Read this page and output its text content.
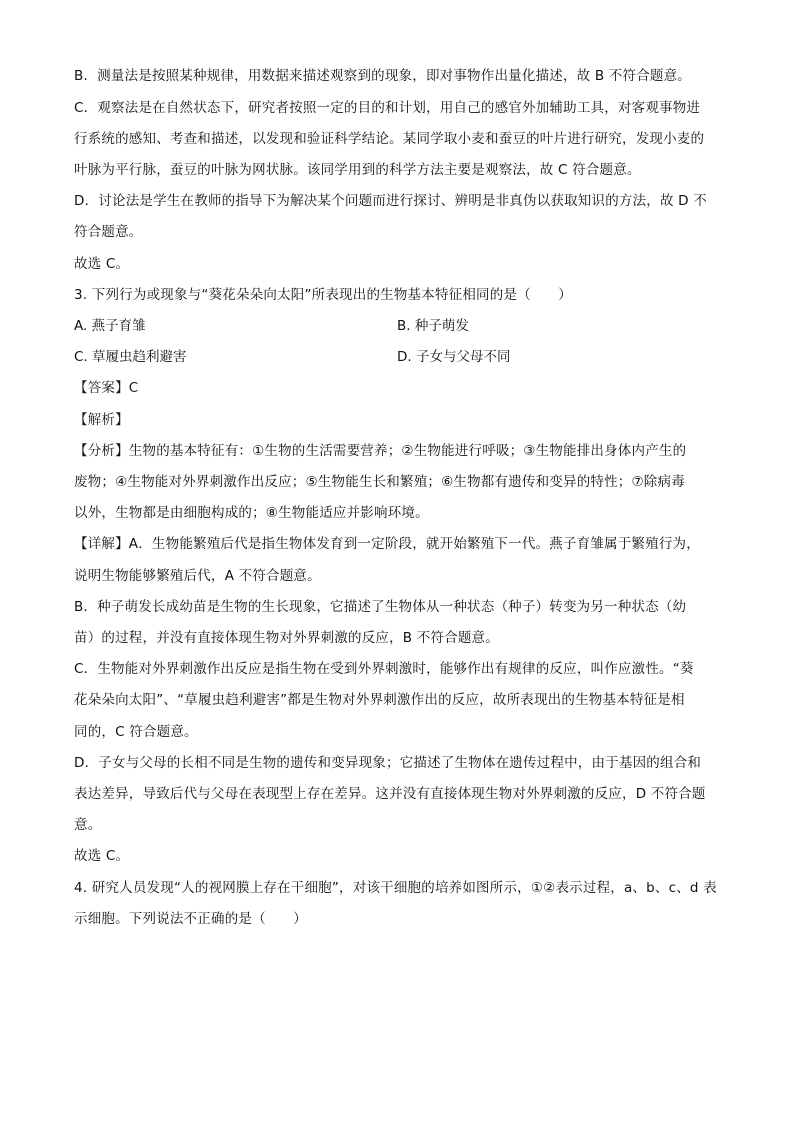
B．测量法是按照某种规律，用数据来描述观察到的现象，即对事物作出量化描述，故 B 不符合题意。
C．观察法是在自然状态下，研究者按照一定的目的和计划，用自己的感官外加辅助工具，对客观事物进
行系统的感知、考查和描述，以发现和验证科学结论。某同学取小麦和蚕豆的叶片进行研究，发现小麦的
叶脉为平行脉，蚕豆的叶脉为网状脉。该同学用到的科学方法主要是观察法，故 C 符合题意。
D．讨论法是学生在教师的指导下为解决某个问题而进行探讨、辨明是非真伪以获取知识的方法，故 D 不
符合题意。
故选 C。
3. 下列行为或现象与“葵花朵朵向太阳”所表现出的生物基本特征相同的是（　　）
A. 燕子育雏	B. 种子萌发
C. 草履虫趋利避害	D. 子女与父母不同
【答案】C
【解析】
【分析】生物的基本特征有：①生物的生活需要营养；②生物能进行呼吸；③生物能排出身体内产生的
废物；④生物能对外界刺激作出反应；⑤生物能生长和繁殖；⑥生物都有遗传和变异的特性；⑦除病毒
以外，生物都是由细胞构成的；⑧生物能适应并影响环境。
【详解】A．生物能繁殖后代是指生物体发育到一定阶段，就开始繁殖下一代。燕子育雏属于繁殖行为，
说明生物能够繁殖后代，A 不符合题意。
B．种子萌发长成幼苗是生物的生长现象，它描述了生物体从一种状态（种子）转变为另一种状态（幼
苗）的过程，并没有直接体现生物对外界刺激的反应，B 不符合题意。
C．生物能对外界刺激作出反应是指生物在受到外界刺激时，能够作出有规律的反应，叫作应激性。“葵
花朵朵向太阳”、“草履虫趋利避害”都是生物对外界刺激作出的反应，故所表现出的生物基本特征是相
同的，C 符合题意。
D．子女与父母的长相不同是生物的遗传和变异现象；它描述了生物体在遗传过程中，由于基因的组合和
表达差异，导致后代与父母在表现型上存在差异。这并没有直接体现生物对外界刺激的反应，D 不符合题
意。
故选 C。
4. 研究人员发现“人的视网膜上存在干细胞”，对该干细胞的培养如图所示，①②表示过程，a、b、c、d 表
示细胞。下列说法不正确的是（　　）
